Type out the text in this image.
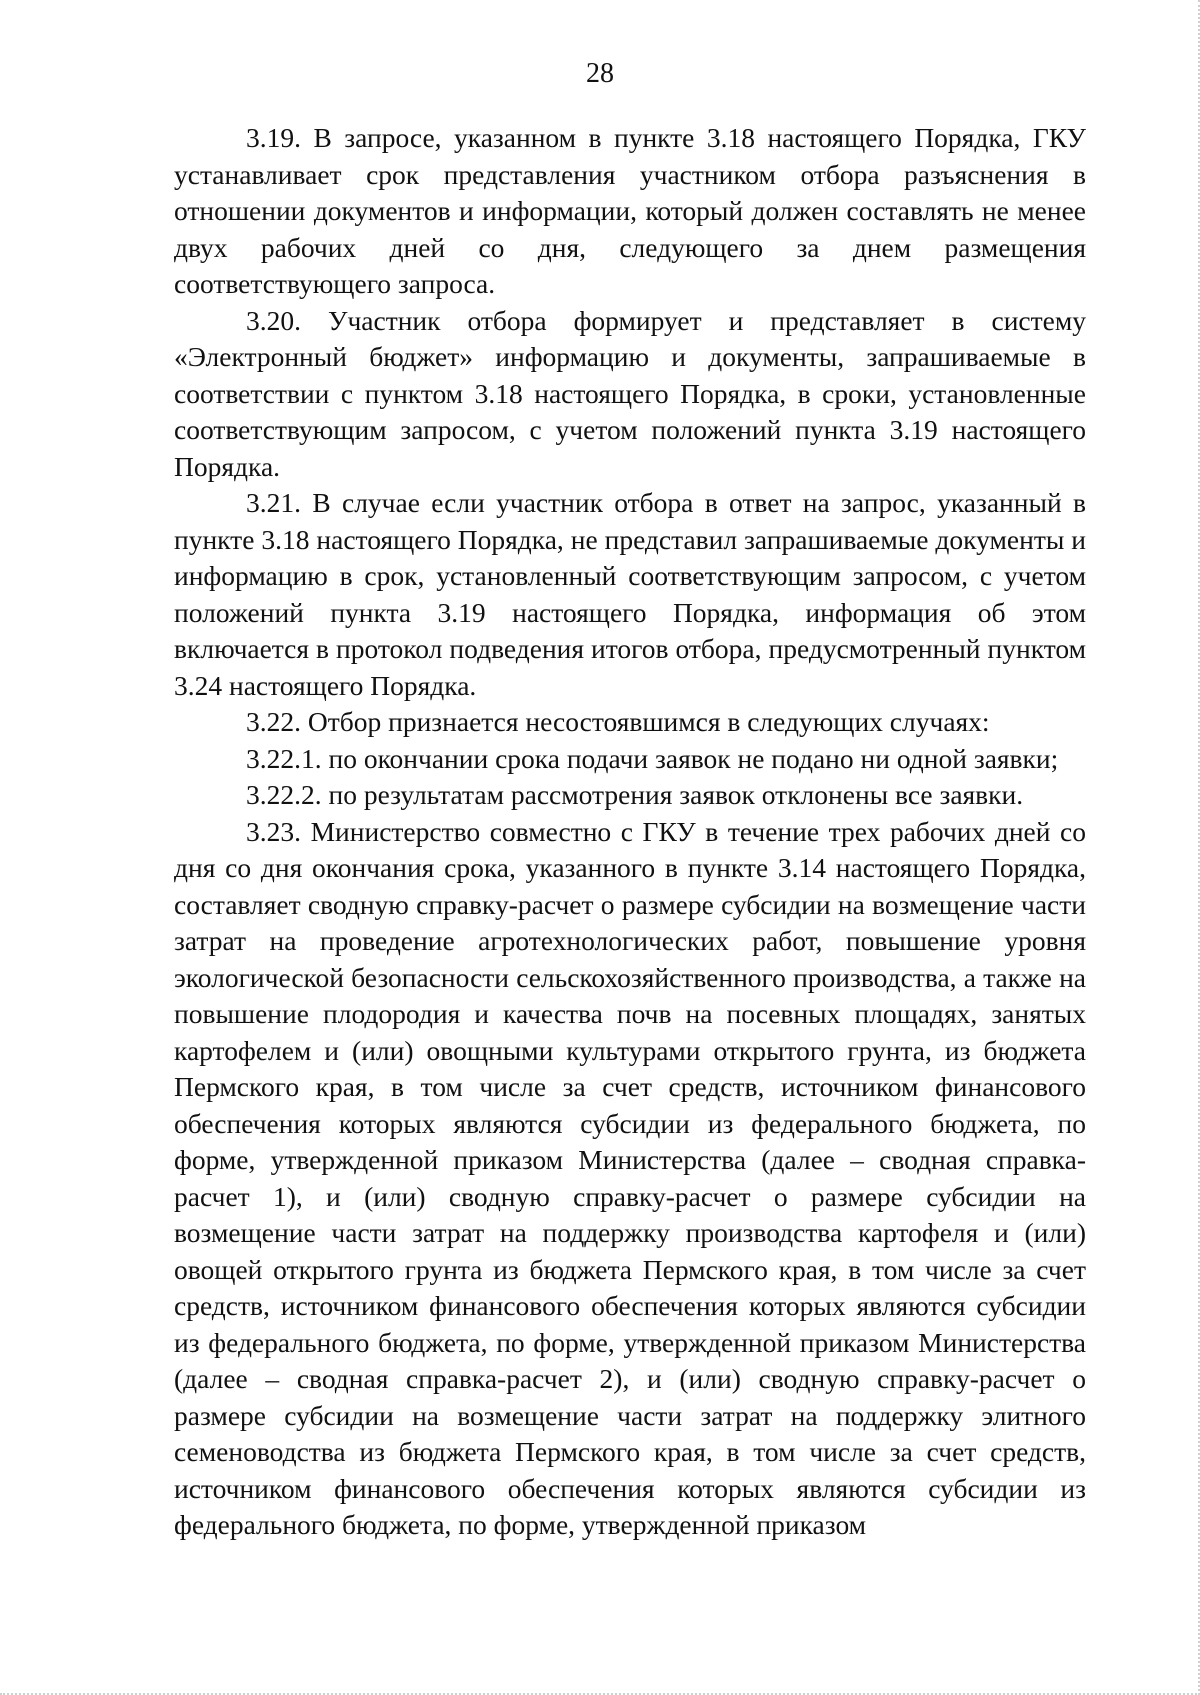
28

3.19. В запросе, указанном в пункте 3.18 настоящего Порядка, ГКУ устанавливает срок представления участником отбора разъяснения в отношении документов и информации, который должен составлять не менее двух рабочих дней со дня, следующего за днем размещения соответствующего запроса.

3.20. Участник отбора формирует и представляет в систему «Электронный бюджет» информацию и документы, запрашиваемые в соответствии с пунктом 3.18 настоящего Порядка, в сроки, установленные соответствующим запросом, с учетом положений пункта 3.19 настоящего Порядка.

3.21. В случае если участник отбора в ответ на запрос, указанный в пункте 3.18 настоящего Порядка, не представил запрашиваемые документы и информацию в срок, установленный соответствующим запросом, с учетом положений пункта 3.19 настоящего Порядка, информация об этом включается в протокол подведения итогов отбора, предусмотренный пунктом 3.24 настоящего Порядка.

3.22. Отбор признается несостоявшимся в следующих случаях:

3.22.1. по окончании срока подачи заявок не подано ни одной заявки;

3.22.2. по результатам рассмотрения заявок отклонены все заявки.

3.23. Министерство совместно с ГКУ в течение трех рабочих дней со дня со дня окончания срока, указанного в пункте 3.14 настоящего Порядка, составляет сводную справку-расчет о размере субсидии на возмещение части затрат на проведение агротехнологических работ, повышение уровня экологической безопасности сельскохозяйственного производства, а также на повышение плодородия и качества почв на посевных площадях, занятых картофелем и (или) овощными культурами открытого грунта, из бюджета Пермского края, в том числе за счет средств, источником финансового обеспечения которых являются субсидии из федерального бюджета, по форме, утвержденной приказом Министерства (далее – сводная справка-расчет 1), и (или) сводную справку-расчет о размере субсидии на возмещение части затрат на поддержку производства картофеля и (или) овощей открытого грунта из бюджета Пермского края, в том числе за счет средств, источником финансового обеспечения которых являются субсидии из федерального бюджета, по форме, утвержденной приказом Министерства (далее – сводная справка-расчет 2), и (или) сводную справку-расчет о размере субсидии на возмещение части затрат на поддержку элитного семеноводства из бюджета Пермского края, в том числе за счет средств, источником финансового обеспечения которых являются субсидии из федерального бюджета, по форме, утвержденной приказом
